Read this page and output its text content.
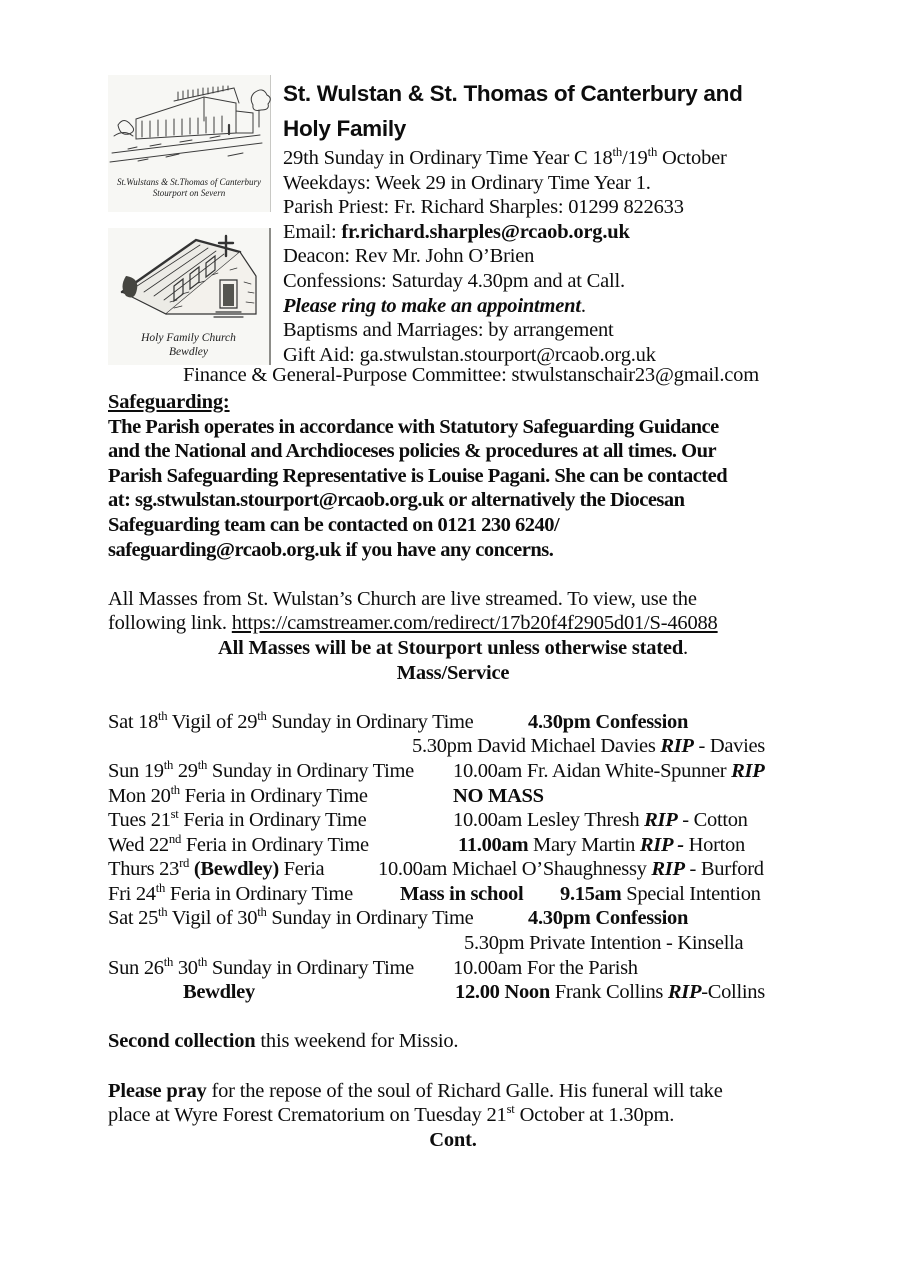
St.Wulstans & St.Thomas of Canterbury
Stourport on Severn
Holy Family Church
Bewdley
St. Wulstan & St. Thomas of Canterbury and
Holy Family
29th Sunday in Ordinary Time Year C 18th/19th October
Weekdays: Week 29 in Ordinary Time Year 1.
Parish Priest: Fr. Richard Sharples: 01299 822633
Email: fr.richard.sharples@rcaob.org.uk
Deacon: Rev Mr. John O’Brien
Confessions: Saturday 4.30pm and at Call.
Please ring to make an appointment.
Baptisms and Marriages: by arrangement
Gift Aid: ga.stwulstan.stourport@rcaob.org.uk
Finance & General-Purpose Committee: stwulstanschair23@gmail.com
Safeguarding:
The Parish operates in accordance with Statutory Safeguarding Guidance
and the National and Archdioceses policies & procedures at all times. Our
Parish Safeguarding Representative is Louise Pagani. She can be contacted
at: sg.stwulstan.stourport@rcaob.org.uk or alternatively the Diocesan
Safeguarding team can be contacted on 0121 230 6240/
safeguarding@rcaob.org.uk if you have any concerns.
All Masses from St. Wulstan’s Church are live streamed. To view, use the
following link. https://camstreamer.com/redirect/17b20f4f2905d01/S-46088
All Masses will be at Stourport unless otherwise stated.
Mass/Service
Sat 18th Vigil of 29th Sunday in Ordinary Time	4.30pm Confession
5.30pm David Michael Davies RIP - Davies
Sun 19th 29th Sunday in Ordinary Time 10.00am Fr. Aidan White-Spunner RIP
Mon 20th Feria in Ordinary Time	NO MASS
Tues 21st Feria in Ordinary Time	10.00am Lesley Thresh RIP - Cotton
Wed 22nd Feria in Ordinary Time	11.00am Mary Martin RIP - Horton
Thurs 23rd (Bewdley) Feria	10.00am Michael O’Shaughnessy RIP - Burford
Fri 24th Feria in Ordinary Time Mass in school 9.15am Special Intention
Sat 25th Vigil of 30th Sunday in Ordinary Time	4.30pm Confession
5.30pm Private Intention - Kinsella
Sun 26th 30th Sunday in Ordinary Time 10.00am For the Parish
Bewdley	12.00 Noon Frank Collins RIP-Collins
Second collection this weekend for Missio.
Please pray for the repose of the soul of Richard Galle. His funeral will take
place at Wyre Forest Crematorium on Tuesday 21st October at 1.30pm.
Cont.
